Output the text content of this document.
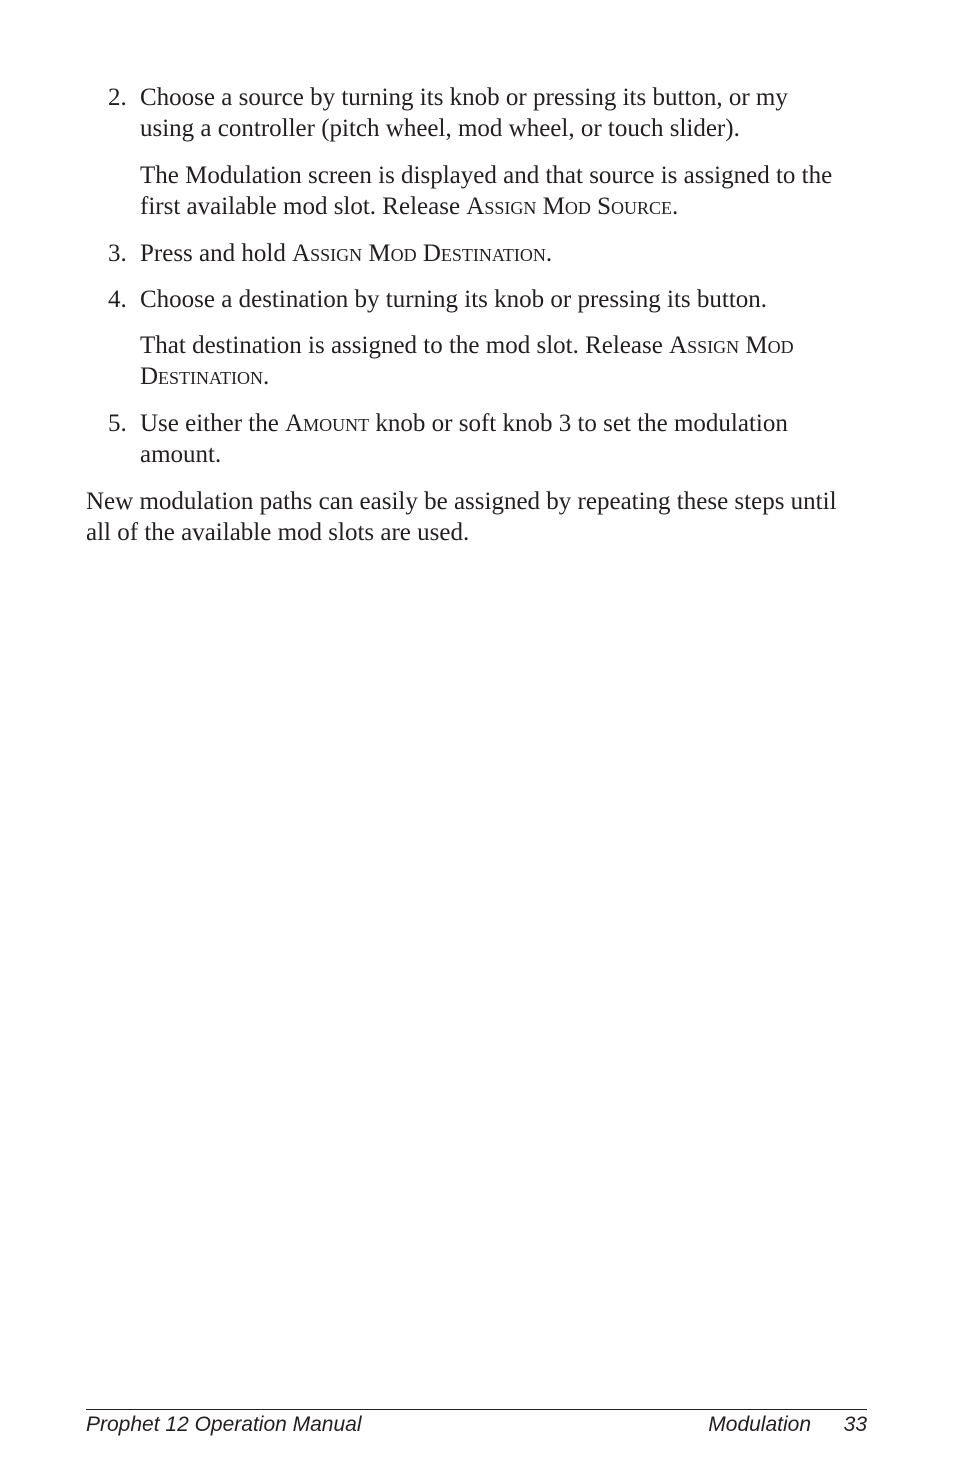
2. Choose a source by turning its knob or pressing its button, or my using a controller (pitch wheel, mod wheel, or touch slider).
The Modulation screen is displayed and that source is assigned to the first available mod slot. Release Assign Mod Source.
3. Press and hold Assign Mod Destination.
4. Choose a destination by turning its knob or pressing its button.
That destination is assigned to the mod slot. Release Assign Mod Destination.
5. Use either the Amount knob or soft knob 3 to set the modulation amount.
New modulation paths can easily be assigned by repeating these steps until all of the available mod slots are used.
Prophet 12 Operation Manual	Modulation 33
